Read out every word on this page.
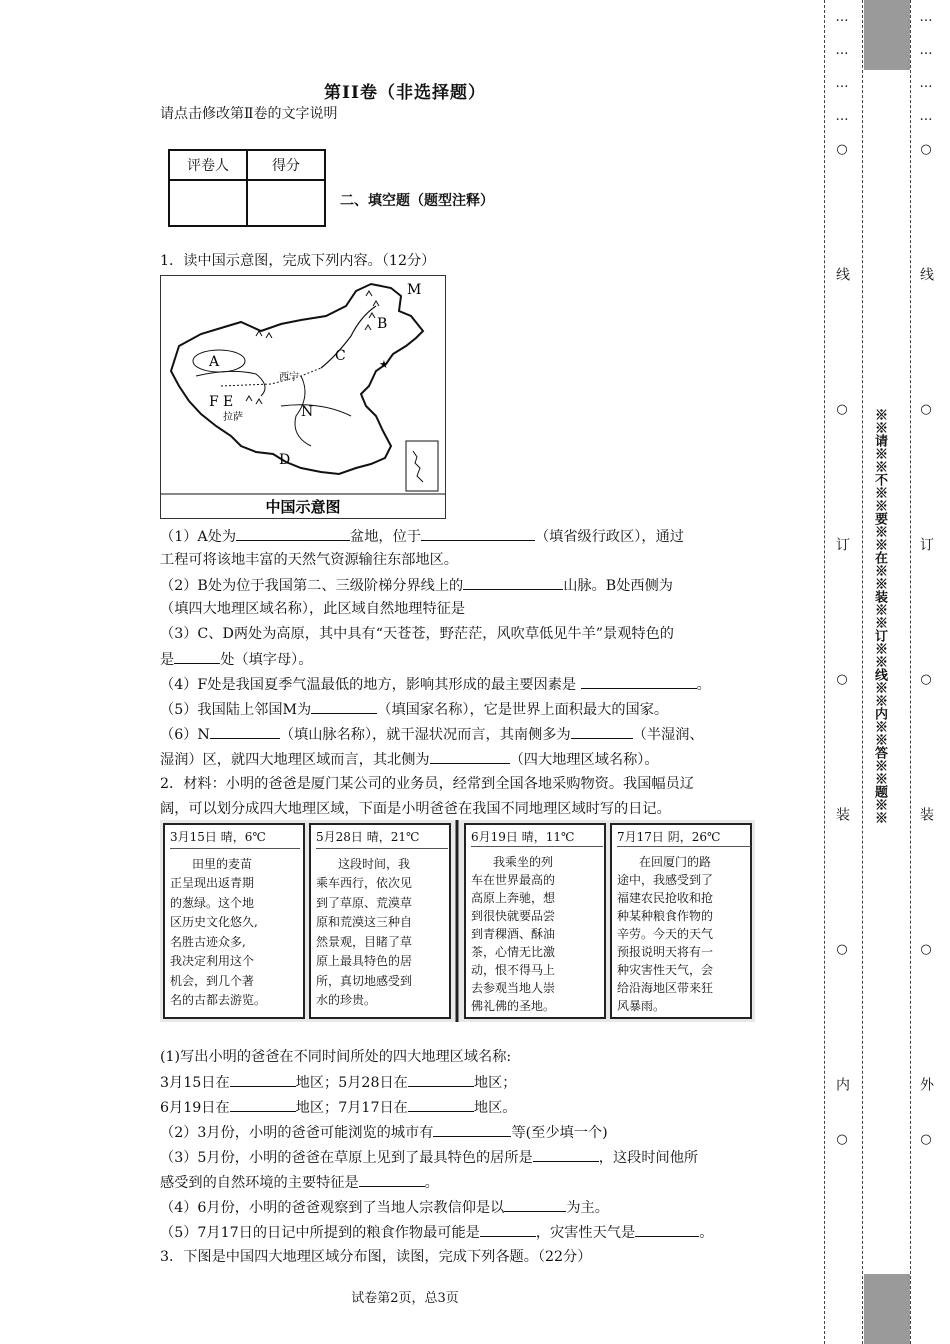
第II卷（非选择题）
请点击修改第Ⅱ卷的文字说明
评卷人	得分

二、填空题（题型注释）
1．读中国示意图，完成下列内容。（12分）
★
M
B
C
A
西宁
F E
拉萨	N
D
中国示意图
（1）A处为	盆地，位于	（填省级行政区），通过
工程可将该地丰富的天然气资源输往东部地区。
（2）B处为位于我国第二、三级阶梯分界线上的	山脉。B处西侧为
（填四大地理区域名称），此区域自然地理特征是
（3）C、D两处为高原，其中具有“天苍苍，野茫茫，风吹草低见牛羊”景观特色的
是	处（填字母）。
（4）F处是我国夏季气温最低的地方，影响其形成的最主要因素是	。
（5）我国陆上邻国M为	（填国家名称），它是世界上面积最大的国家。
（6）N	（填山脉名称），就干湿状况而言，其南侧多为	（半湿润、
湿润）区，就四大地理区域而言，其北侧为	（四大地理区域名称）。
2．材料：小明的爸爸是厦门某公司的业务员，经常到全国各地采购物资。我国幅员辽
阔，可以划分成四大地理区域，下面是小明爸爸在我国不同地理区域时写的日记。
3月15日 晴，6℃
田里的麦苗
正呈现出返青期
的葱绿。这个地
区历史文化悠久,
名胜古迹众多,
我决定利用这个
机会，到几个著
名的古都去游览。
5月28日 晴，21℃
这段时间，我
乘车西行，依次见
到了草原、荒漠草
原和荒漠这三种自
然景观，目睹了草
原上最具特色的居
所，真切地感受到
水的珍贵。
6月19日 晴，11℃
我乘坐的列
车在世界最高的
高原上奔驰，想
到很快就要品尝
到青稞酒、酥油
茶，心情无比激
动，恨不得马上
去参观当地人崇
佛礼佛的圣地。
7月17日 阴，26℃
在回厦门的路
途中，我感受到了
福建农民抢收和抢
种某种粮食作物的
辛劳。今天的天气
预报说明天将有一
种灾害性天气，会
给沿海地区带来狂
风暴雨。
(1)写出小明的爸爸在不同时间所处的四大地理区域名称:
3月15日在	地区；5月28日在	地区；
6月19日在	地区；7月17日在	地区。
（2）3月份，小明的爸爸可能浏览的城市有	等(至少填一个)
（3）5月份，小明的爸爸在草原上见到了最具特色的居所是	，这段时间他所
感受到的自然环境的主要特征是	。
（4）6月份，小明的爸爸观察到了当地人宗教信仰是以	为主。
（5）7月17日的日记中所提到的粮食作物最可能是	，灾害性天气是	。
3．下图是中国四大地理区域分布图，读图，完成下列各题。（22分）
试卷第2页，总3页
…
…
…
…
○
线
○
订
○
装
○
内
○
※※请※※不※※要※※在※※装※※订※※线※※内※※答※※题※※
…
…
…
…
○
线
○
订
○
装
○
外
○
